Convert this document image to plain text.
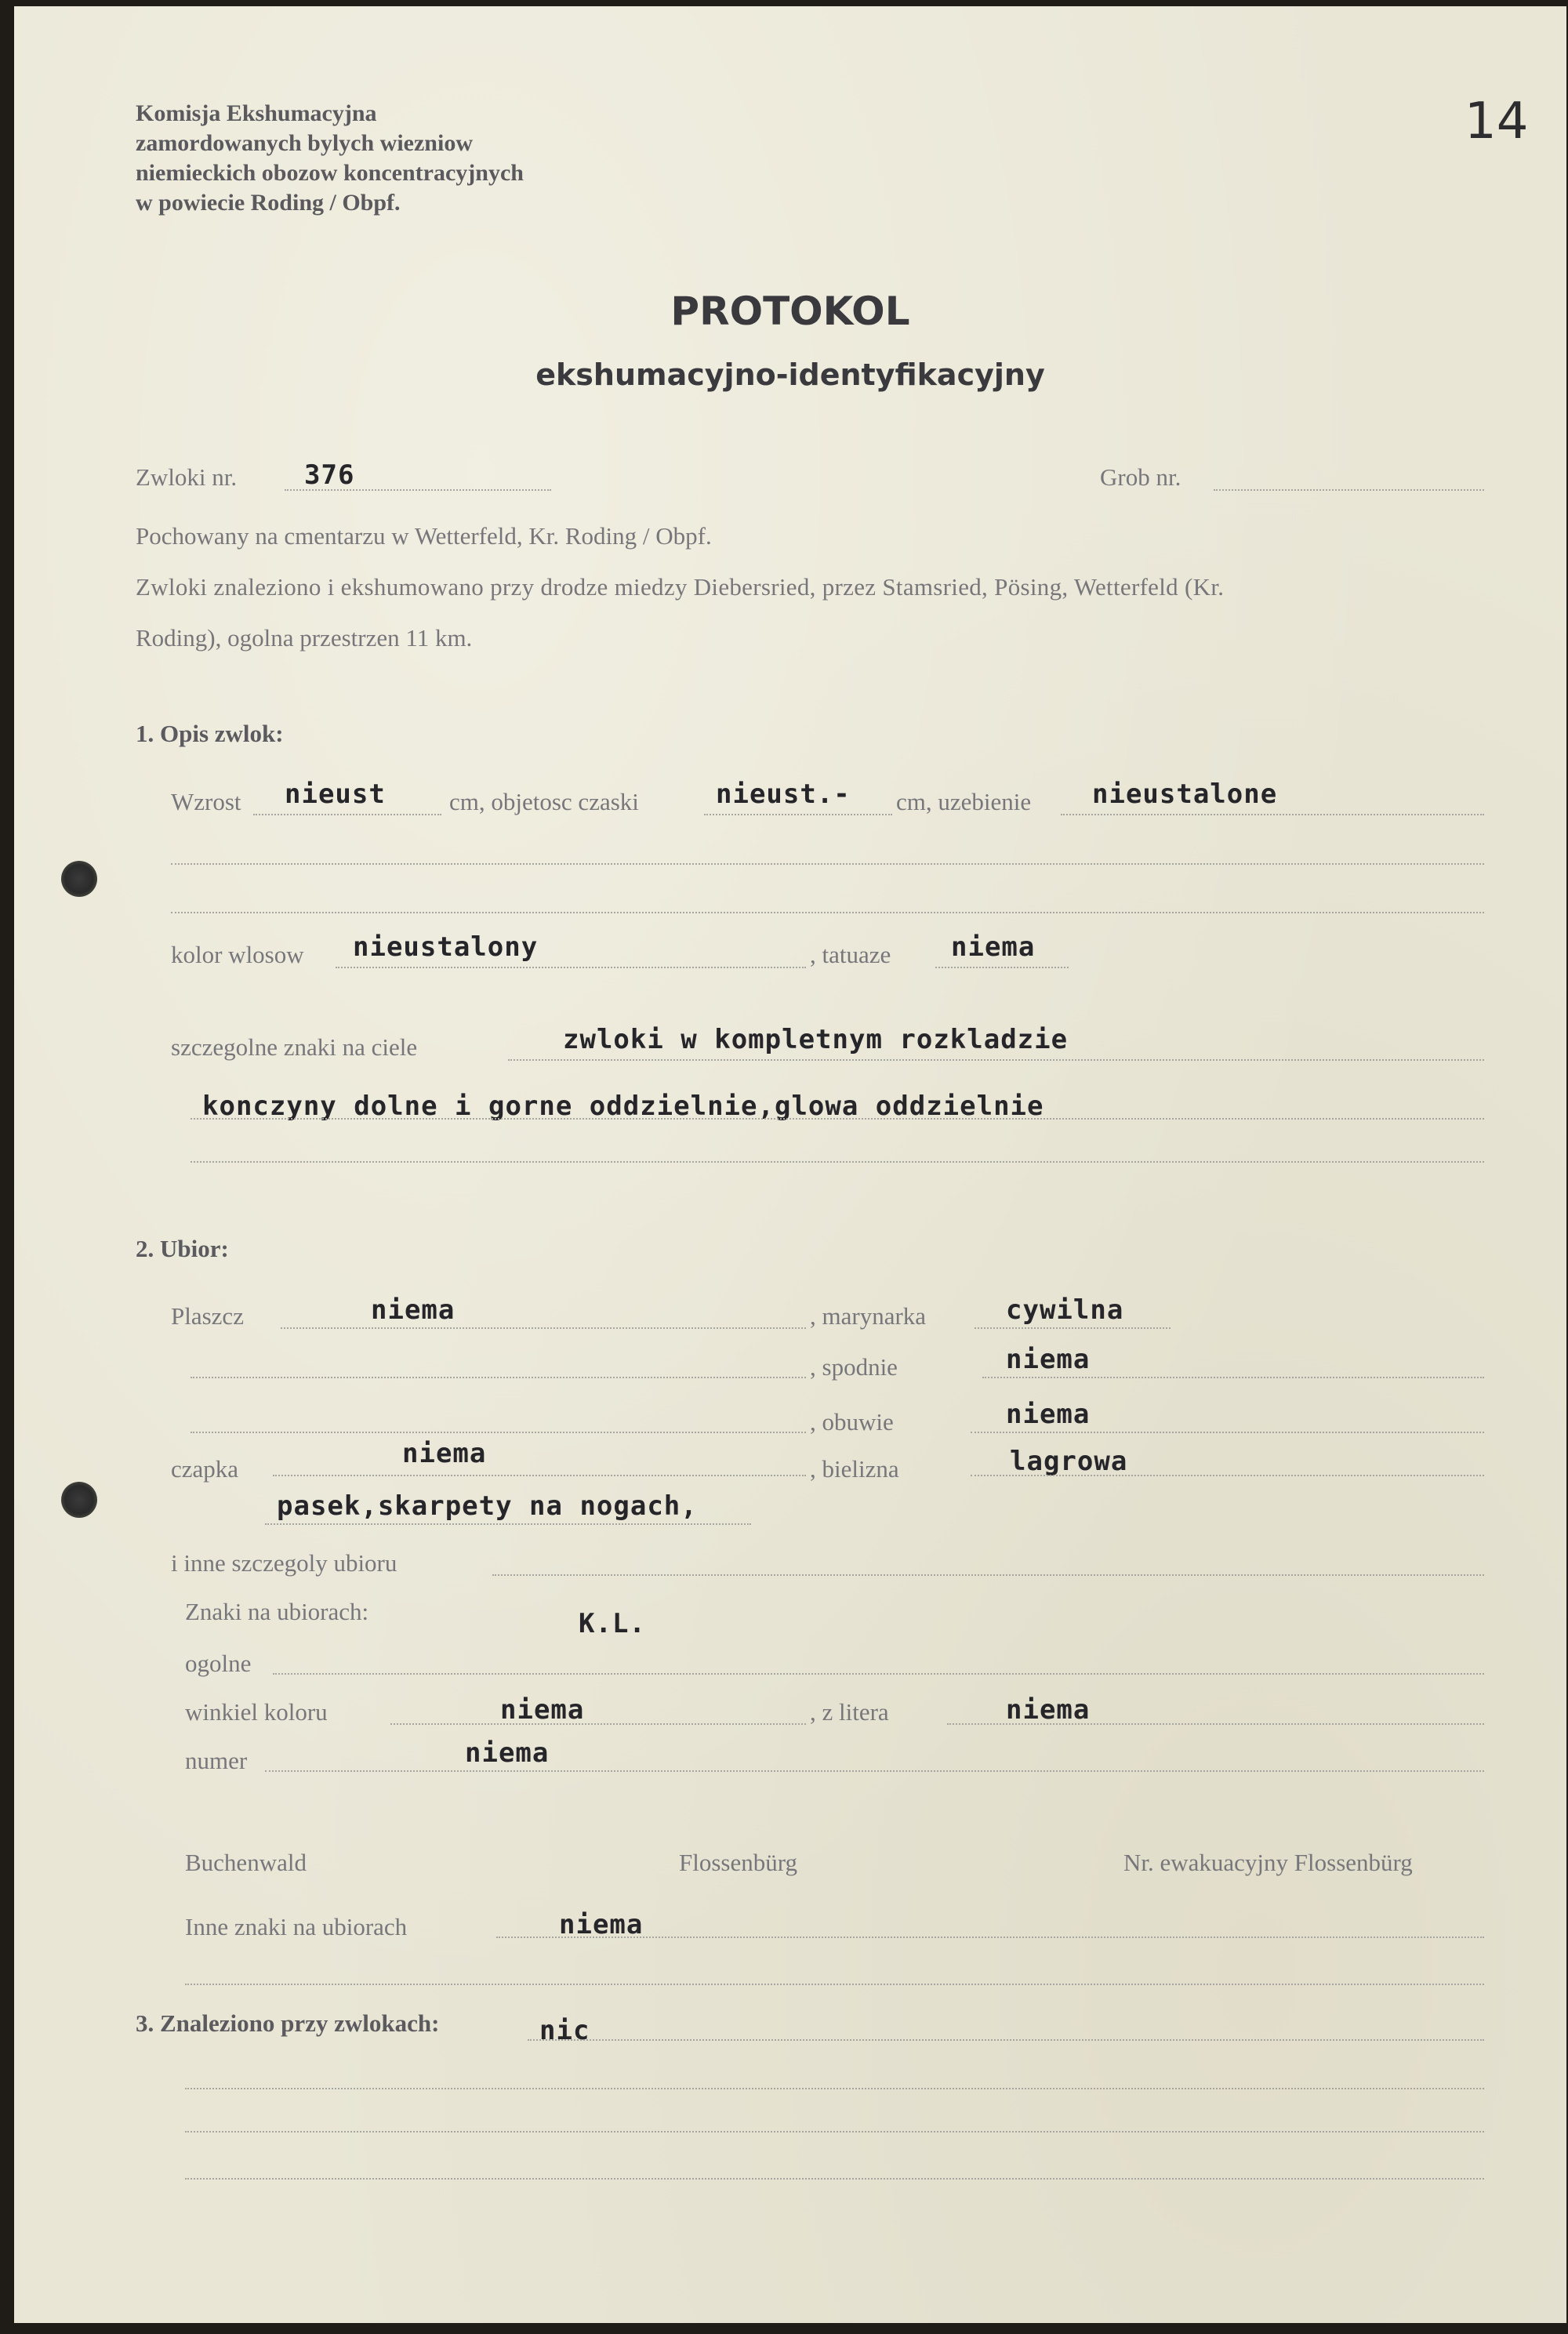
Komisja Ekshumacyjna
zamordowanych bylych wiezniow
niemieckich obozow koncentracyjnych
w powiecie Roding / Obpf.
14
PROTOKOL
ekshumacyjno-identyfikacyjny
Zwloki nr.	376	Grob nr.
Pochowany na cmentarzu w Wetterfeld, Kr. Roding / Obpf.
Zwloki znaleziono i ekshumowano przy drodze miedzy Diebersried, przez Stamsried, Pösing, Wetterfeld (Kr.
Roding), ogolna przestrzen 11 km.
1. Opis zwlok:
Wzrost nieust	cm, objetosc czaski	nieust.- cm, uzebienie nieustalone
kolor wlosow nieustalony	, tatuaze niema
szczegolne znaki na ciele	zwloki w kompletnym rozkladzie
konczyny dolne i gorne oddzielnie,glowa oddzielnie
2. Ubior:
Plaszcz	niema	, marynarka	cywilna
, spodnie	niema
, obuwie	niema
czapka	niema	, bielizna	lagrowa
pasek,skarpety na nogach,
i inne szczegoly ubioru
Znaki na ubiorach:	K.L.
ogolne
winkiel koloru	niema	, z litera	niema
numer	niema
Buchenwald	Flossenbürg	Nr. ewakuacyjny Flossenbürg
Inne znaki na ubiorach	niema
3. Znaleziono przy zwlokach:	nic
